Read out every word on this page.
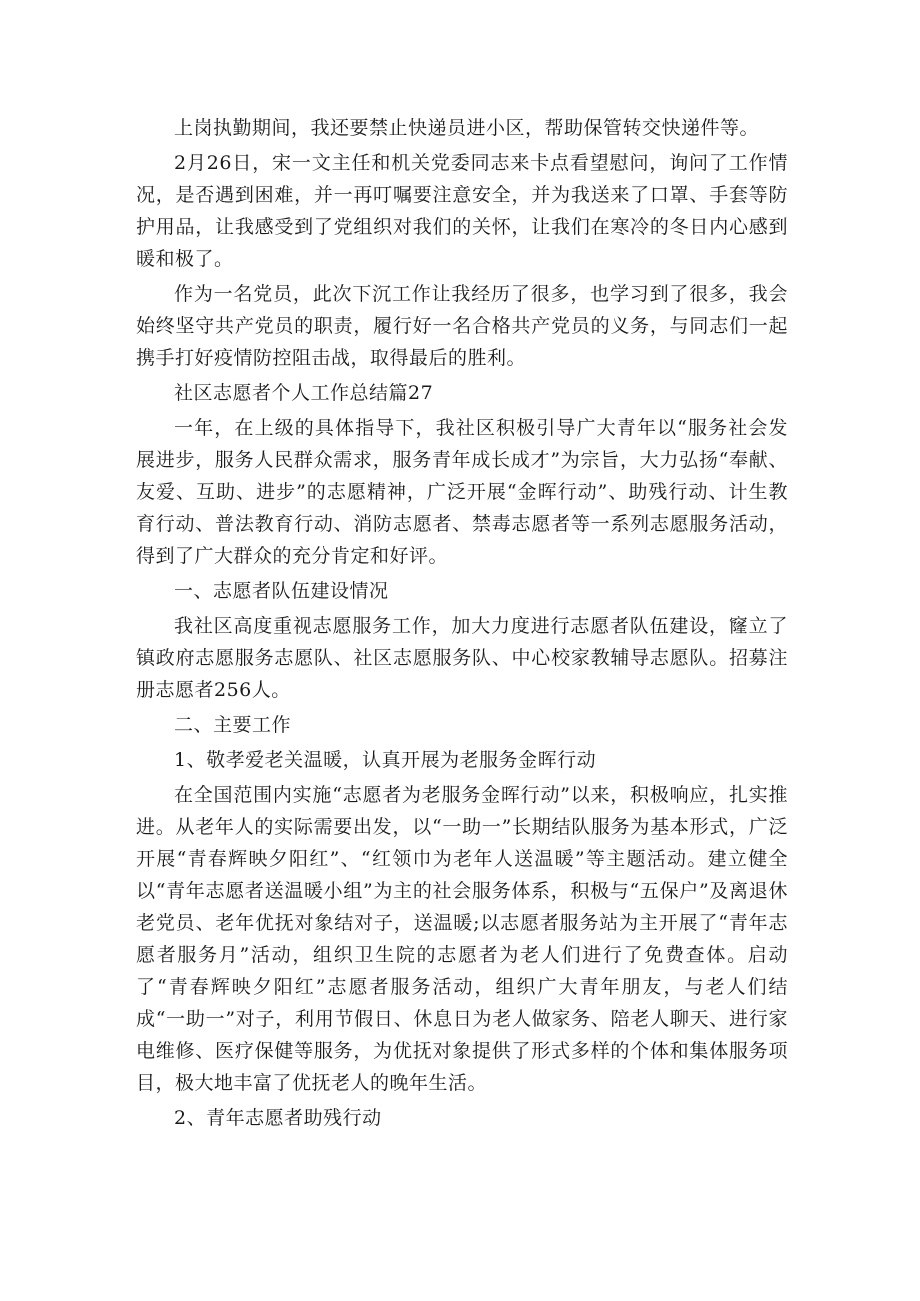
上岗执勤期间，我还要禁止快递员进小区，帮助保管转交快递件等。

2月26日，宋一文主任和机关党委同志来卡点看望慰问，询问了工作情况，是否遇到困难，并一再叮嘱要注意安全，并为我送来了口罩、手套等防护用品，让我感受到了党组织对我们的关怀，让我们在寒冷的冬日内心感到暖和极了。

作为一名党员，此次下沉工作让我经历了很多，也学习到了很多，我会始终坚守共产党员的职责，履行好一名合格共产党员的义务，与同志们一起携手打好疫情防控阻击战，取得最后的胜利。

社区志愿者个人工作总结篇27

一年，在上级的具体指导下，我社区积极引导广大青年以“服务社会发展进步，服务人民群众需求，服务青年成长成才”为宗旨，大力弘扬“奉献、友爱、互助、进步”的志愿精神，广泛开展“金晖行动”、助残行动、计生教育行动、普法教育行动、消防志愿者、禁毒志愿者等一系列志愿服务活动，得到了广大群众的充分肯定和好评。

一、志愿者队伍建设情况

我社区高度重视志愿服务工作，加大力度进行志愿者队伍建设，窿立了镇政府志愿服务志愿队、社区志愿服务队、中心校家教辅导志愿队。招募注册志愿者256人。

二、主要工作

1、敬孝爱老关温暖，认真开展为老服务金晖行动

在全国范围内实施“志愿者为老服务金晖行动”以来，积极响应，扎实推进。从老年人的实际需要出发，以“一助一”长期结队服务为基本形式，广泛开展“青春辉映夕阳红”、“红领巾为老年人送温暖”等主题活动。建立健全以“青年志愿者送温暖小组”为主的社会服务体系，积极与“五保户”及离退休老党员、老年优抚对象结对子，送温暖;以志愿者服务站为主开展了“青年志愿者服务月”活动，组织卫生院的志愿者为老人们进行了免费查体。启动了“青春辉映夕阳红”志愿者服务活动，组织广大青年朋友，与老人们结成“一助一”对子，利用节假日、休息日为老人做家务、陪老人聊天、进行家电维修、医疗保健等服务，为优抚对象提供了形式多样的个体和集体服务项目，极大地丰富了优抚老人的晚年生活。

2、青年志愿者助残行动
